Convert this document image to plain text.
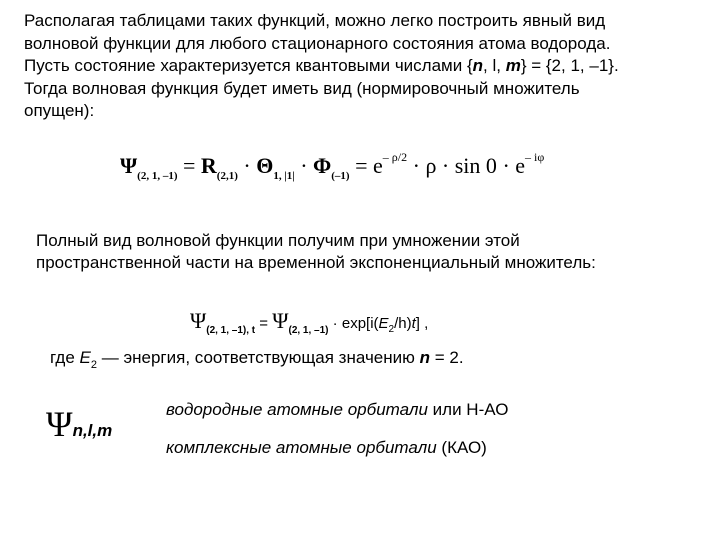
Располагая таблицами таких функций, можно легко построить явный вид
волновой функции для любого стационарного состояния атома водорода.
Пусть состояние характеризуется квантовыми числами {n, l, m} = {2, 1, –1}.
Тогда волновая функция будет иметь вид (нормировочный множитель
опущен):
$\Psi_{(2, 1, -1)} = R_{(2,1)} \cdot \Theta_{1, |1|} \cdot \Phi_{(-1)} = e^{- \rho/2} \cdot \rho \cdot \sin 0 \cdot e^{- i\varphi}$
Полный вид волновой функции получим при умножении этой
пространственной части на временной экспоненциальный множитель:
$\Psi_{(2, 1, -1), t} = \Psi_{(2, 1, -1)} \cdot \exp[i(E_2/h)t]$ ,
где $E_2$ — энергия, соответствующая значению n = 2.
Ψn,l,m
водородные атомные орбитали или Н-АО
комплексные атомные орбитали (КАО)
